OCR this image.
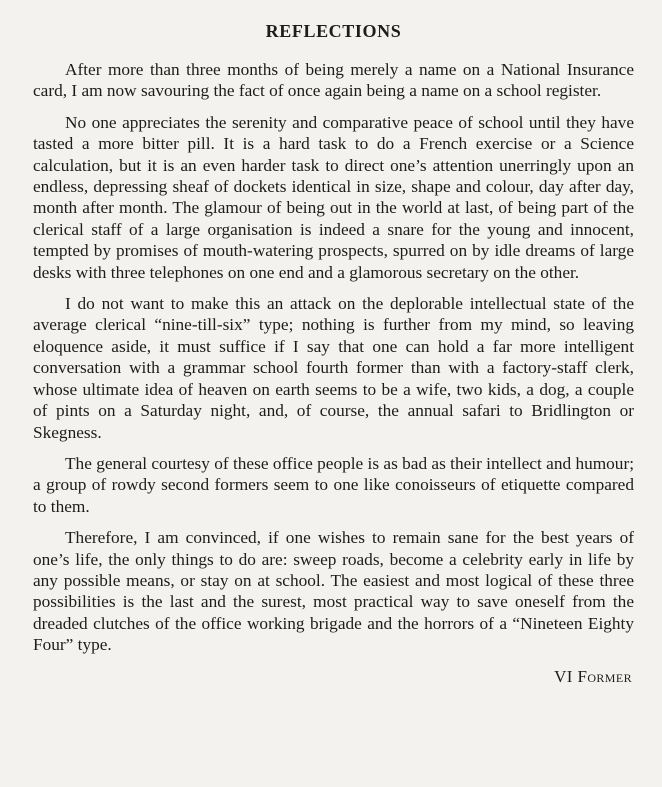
REFLECTIONS

After more than three months of being merely a name on a National Insurance card, I am now savouring the fact of once again being a name on a school register.

No one appreciates the serenity and comparative peace of school until they have tasted a more bitter pill. It is a hard task to do a French exercise or a Science calculation, but it is an even harder task to direct one’s attention unerringly upon an endless, depressing sheaf of dockets identical in size, shape and colour, day after day, month after month. The glamour of being out in the world at last, of being part of the clerical staff of a large organisation is indeed a snare for the young and innocent, tempted by promises of mouth-watering prospects, spurred on by idle dreams of large desks with three telephones on one end and a glamorous secretary on the other.

I do not want to make this an attack on the deplorable intellectual state of the average clerical “nine-till-six” type; nothing is further from my mind, so leaving eloquence aside, it must suffice if I say that one can hold a far more intelligent conversation with a grammar school fourth former than with a factory-staff clerk, whose ultimate idea of heaven on earth seems to be a wife, two kids, a dog, a couple of pints on a Saturday night, and, of course, the annual safari to Bridlington or Skegness.

The general courtesy of these office people is as bad as their intellect and humour; a group of rowdy second formers seem to one like conoisseurs of etiquette compared to them.

Therefore, I am convinced, if one wishes to remain sane for the best years of one’s life, the only things to do are: sweep roads, become a celebrity early in life by any possible means, or stay on at school. The easiest and most logical of these three possibilities is the last and the surest, most practical way to save oneself from the dreaded clutches of the office working brigade and the horrors of a “Nineteen Eighty Four” type.

VI Former
